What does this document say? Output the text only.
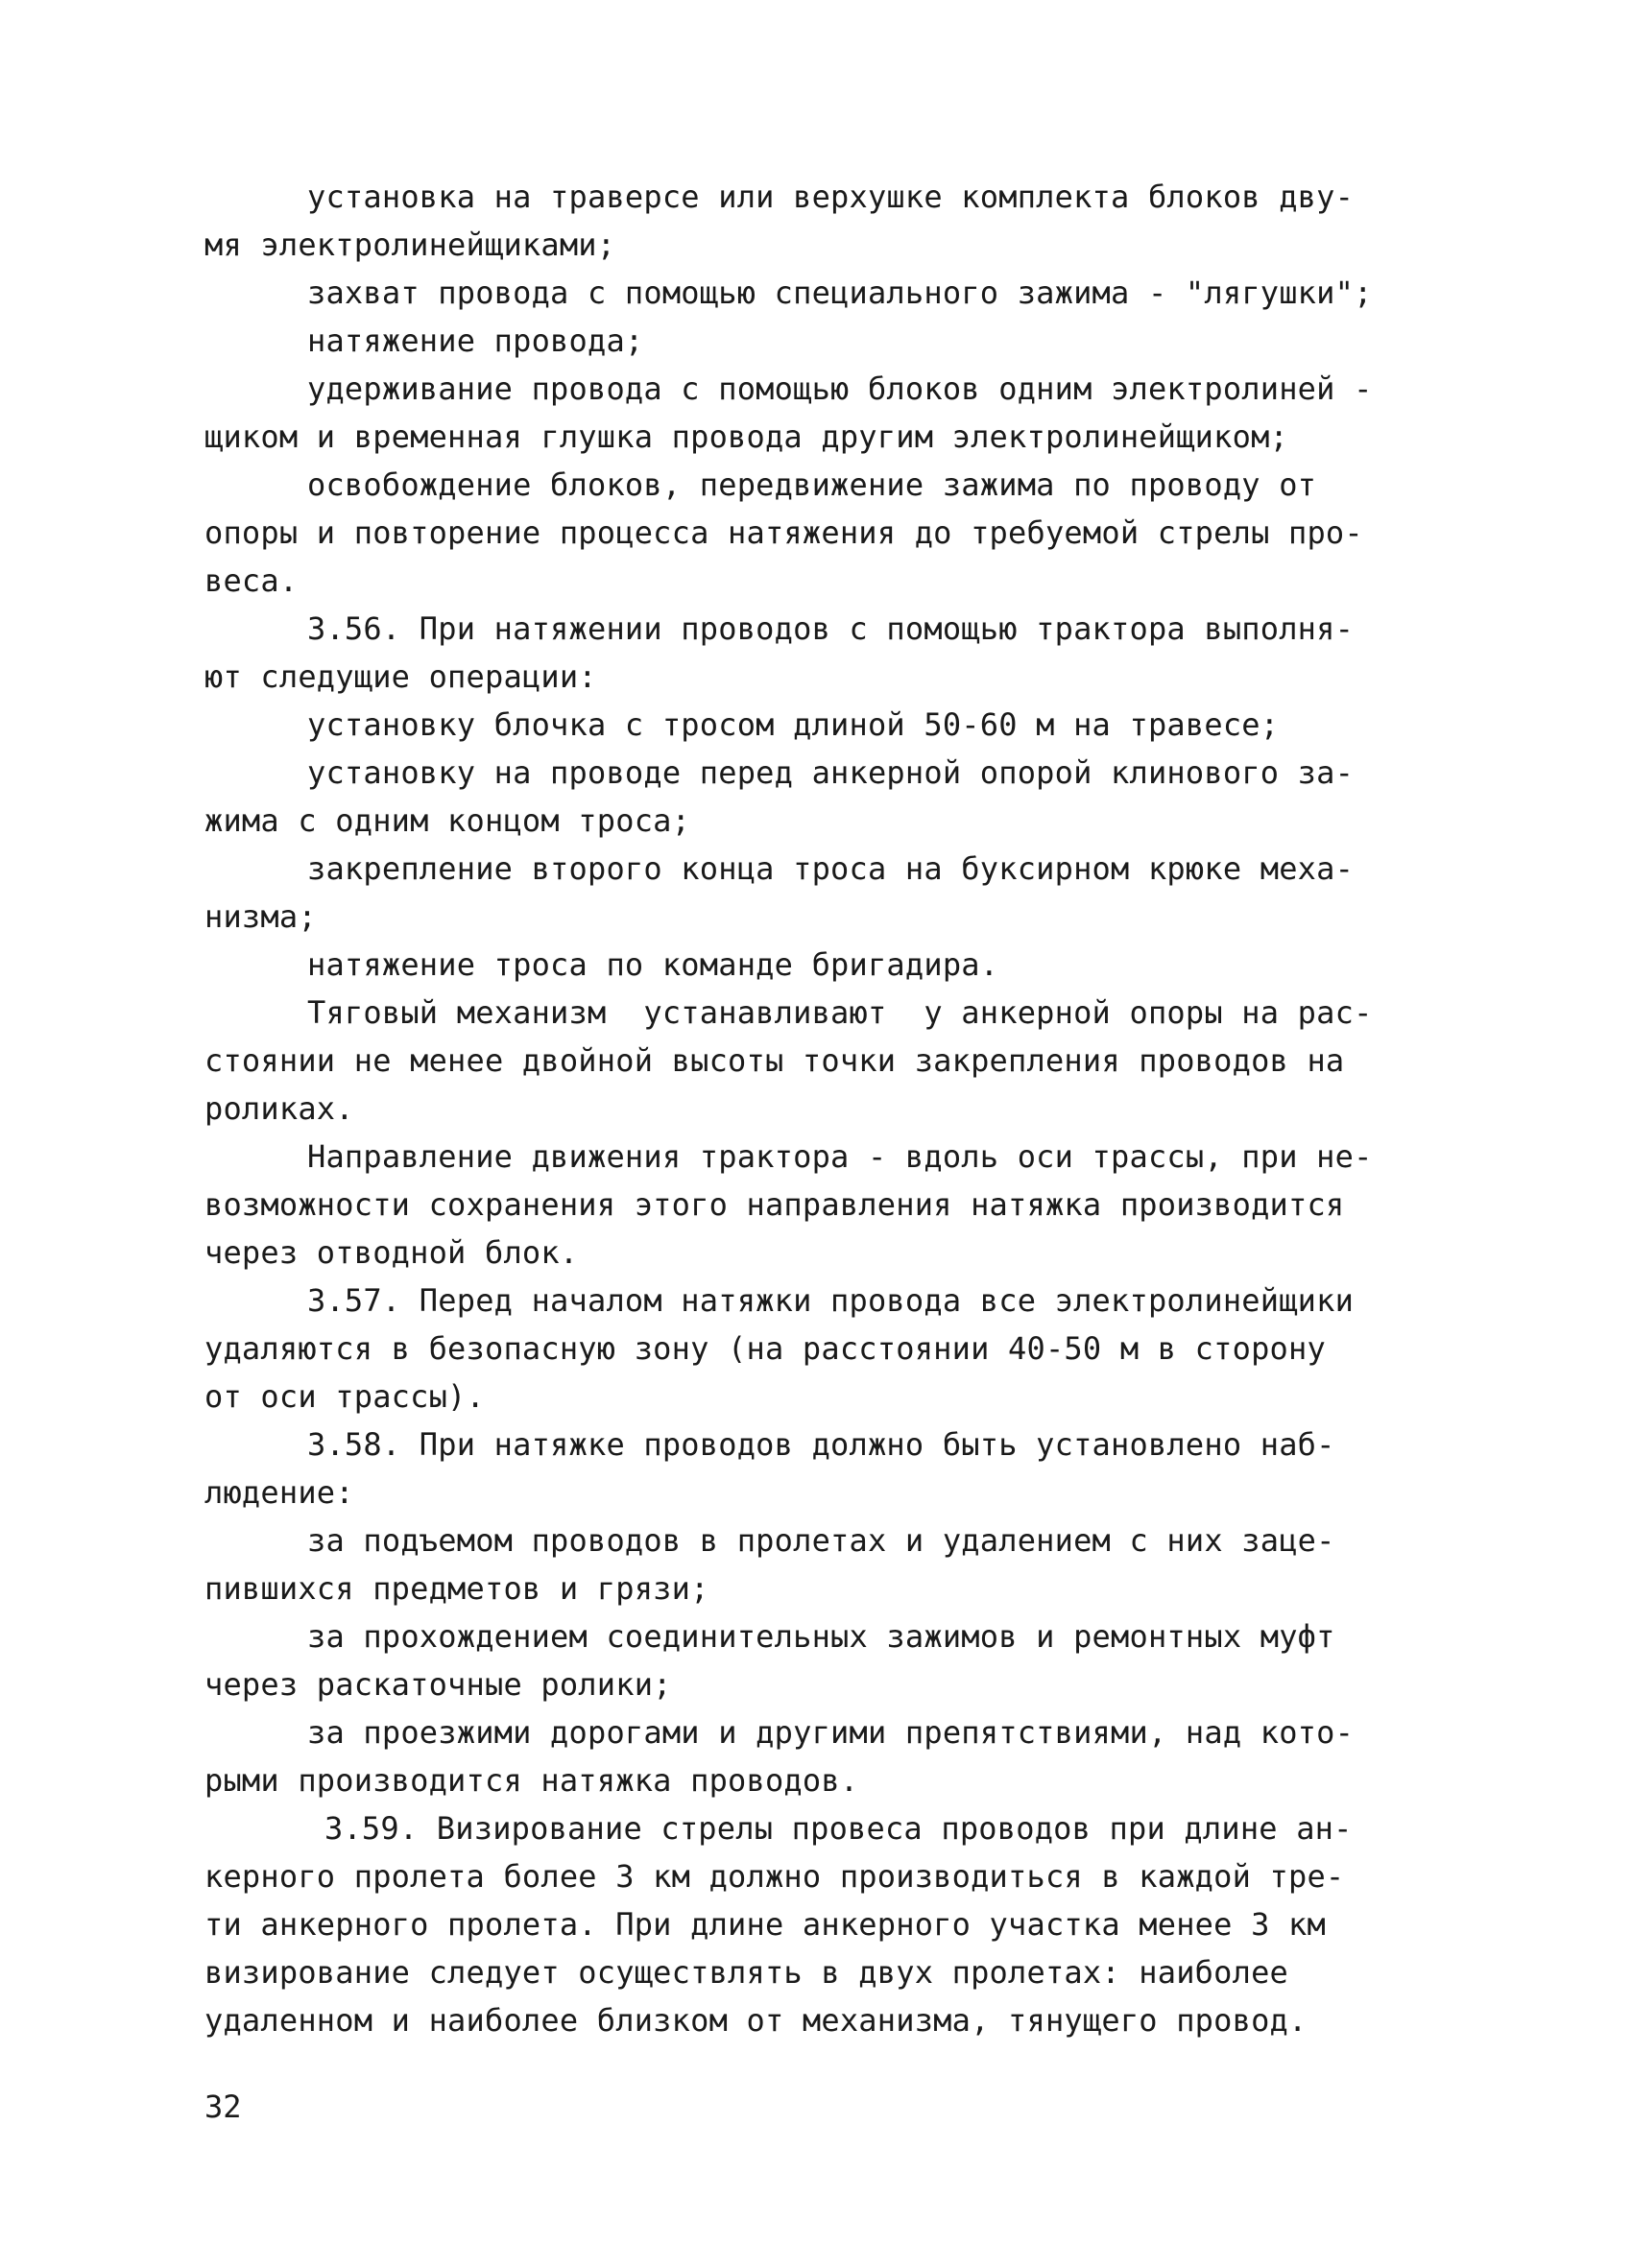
установка на траверсе или верхушке комплекта блоков дву-
мя электролинейщиками;
захват провода с помощью специального зажима - "лягушки";
натяжение провода;
удерживание провода с помощью блоков одним электролиней -
щиком и временная глушка провода другим электролинейщиком;
освобождение блоков, передвижение зажима по проводу от
опоры и повторение процесса натяжения до требуемой стрелы про-
веса.
3.56. При натяжении проводов с помощью трактора выполня-
ют следущие операции:
установку блочка с тросом длиной 50-60 м на травесе;
установку на проводе перед анкерной опорой клинового за-
жима с одним концом троса;
закрепление второго конца троса на буксирном крюке меха-
низма;
натяжение троса по команде бригадира.
Тяговый механизм  устанавливают  у анкерной опоры на рас-
стоянии не менее двойной высоты точки закрепления проводов на
роликах.
Направление движения трактора - вдоль оси трассы, при не-
возможности сохранения этого направления натяжка производится
через отводной блок.
3.57. Перед началом натяжки провода все электролинейщики
удаляются в безопасную зону (на расстоянии 40-50 м в сторону
от оси трассы).
3.58. При натяжке проводов должно быть установлено наб-
людение:
за подъемом проводов в пролетах и удалением с них заце-
пившихся предметов и грязи;
за прохождением соединительных зажимов и ремонтных муфт
через раскаточные ролики;
за проезжими дорогами и другими препятствиями, над кото-
рыми производится натяжка проводов.
3.59. Визирование стрелы провеса проводов при длине ан-
керного пролета более 3 км должно производиться в каждой тре-
ти анкерного пролета. При длине анкерного участка менее 3 км
визирование следует осуществлять в двух пролетах: наиболее
удаленном и наиболее близком от механизма, тянущего провод.
32
